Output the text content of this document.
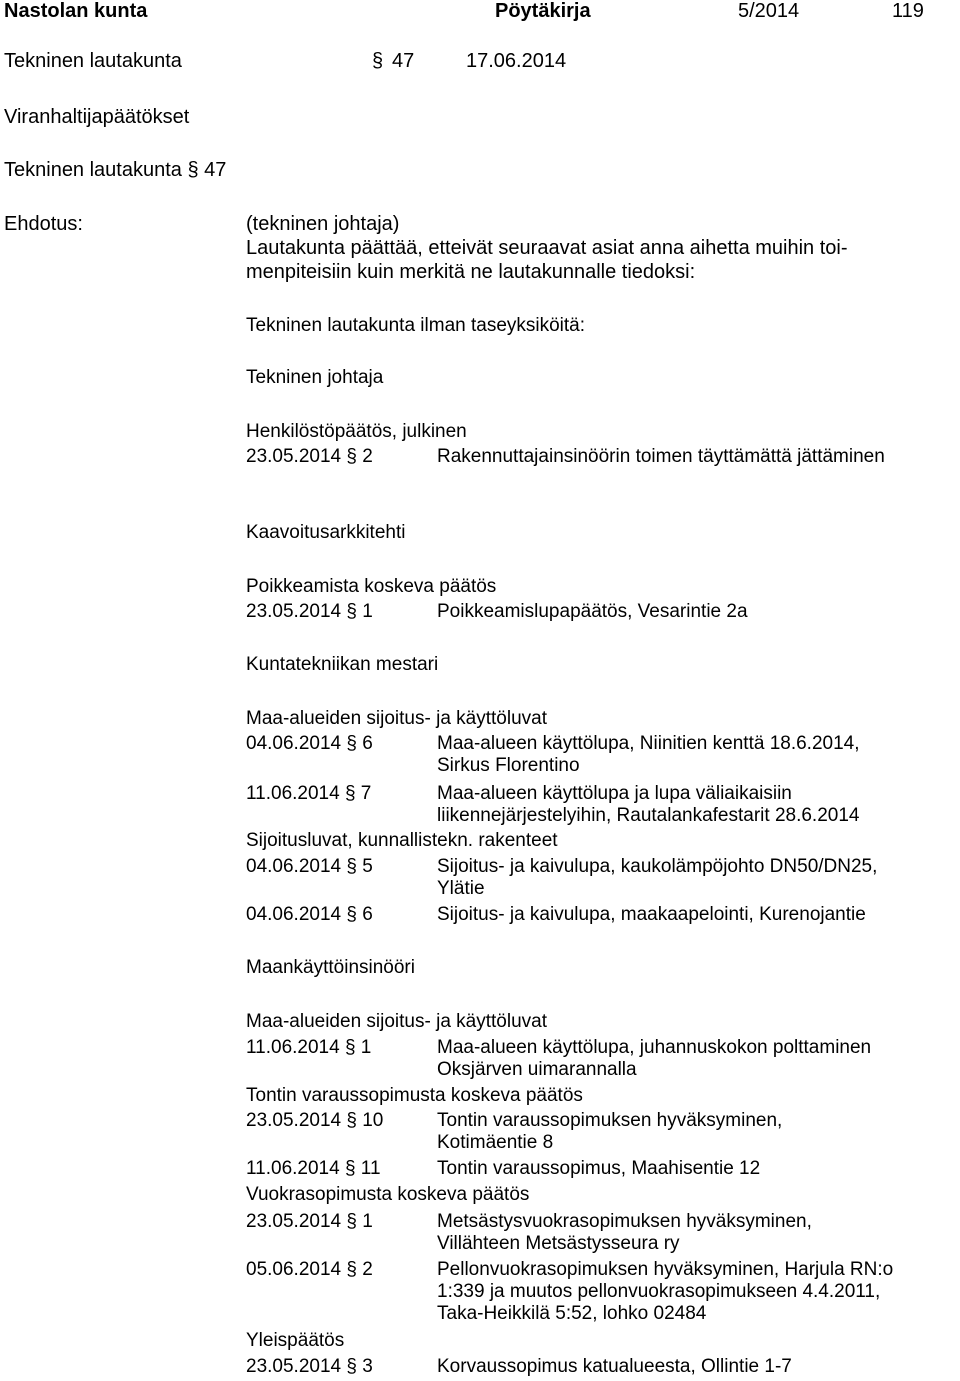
Nastolan kunta	Pöytäkirja	5/2014	119
Tekninen lautakunta	§ 47	17.06.2014
Viranhaltijapäätökset
Tekninen lautakunta § 47
Ehdotus:	(tekninen johtaja)
Lautakunta päättää, etteivät seuraavat asiat anna aihetta muihin toi-
menpiteisiin kuin merkitä ne lautakunnalle tiedoksi:
Tekninen lautakunta ilman taseyksiköitä:
Tekninen johtaja
Henkilöstöpäätös, julkinen
23.05.2014 § 2	Rakennuttajainsinöörin toimen täyttämättä jättäminen
Kaavoitusarkkitehti
Poikkeamista koskeva päätös
23.05.2014 § 1	Poikkeamislupapäätös, Vesarintie 2a
Kuntatekniikan mestari
Maa-alueiden sijoitus- ja käyttöluvat
04.06.2014 § 6	Maa-alueen käyttölupa, Niinitien kenttä 18.6.2014, Sirkus Florentino
11.06.2014 § 7	Maa-alueen käyttölupa ja lupa väliaikaisiin liikennejärjestelyihin, Rautalankafestarit 28.6.2014
Sijoitusluvat, kunnallistekn. rakenteet
04.06.2014 § 5	Sijoitus- ja kaivulupa, kaukolämpöjohto DN50/DN25, Ylätie
04.06.2014 § 6	Sijoitus- ja kaivulupa, maakaapelointi, Kurenojantie
Maankäyttöinsinööri
Maa-alueiden sijoitus- ja käyttöluvat
11.06.2014 § 1	Maa-alueen käyttölupa, juhannuskokon polttaminen Oksjärven uimarannalla
Tontin varaussopimusta koskeva päätös
23.05.2014 § 10	Tontin varaussopimuksen hyväksyminen, Kotimäentie 8
11.06.2014 § 11	Tontin varaussopimus, Maahisentie 12
Vuokrasopimusta koskeva päätös
23.05.2014 § 1	Metsästysvuokrasopimuksen hyväksyminen, Villähteen Metsästysseura ry
05.06.2014 § 2	Pellonvuokrasopimuksen hyväksyminen, Harjula RN:o 1:339 ja muutos pellonvuokrasopimukseen 4.4.2011, Taka-Heikkilä 5:52, lohko 02484
Yleispäätös
23.05.2014 § 3	Korvaussopimus katualueesta, Ollintie 1-7
